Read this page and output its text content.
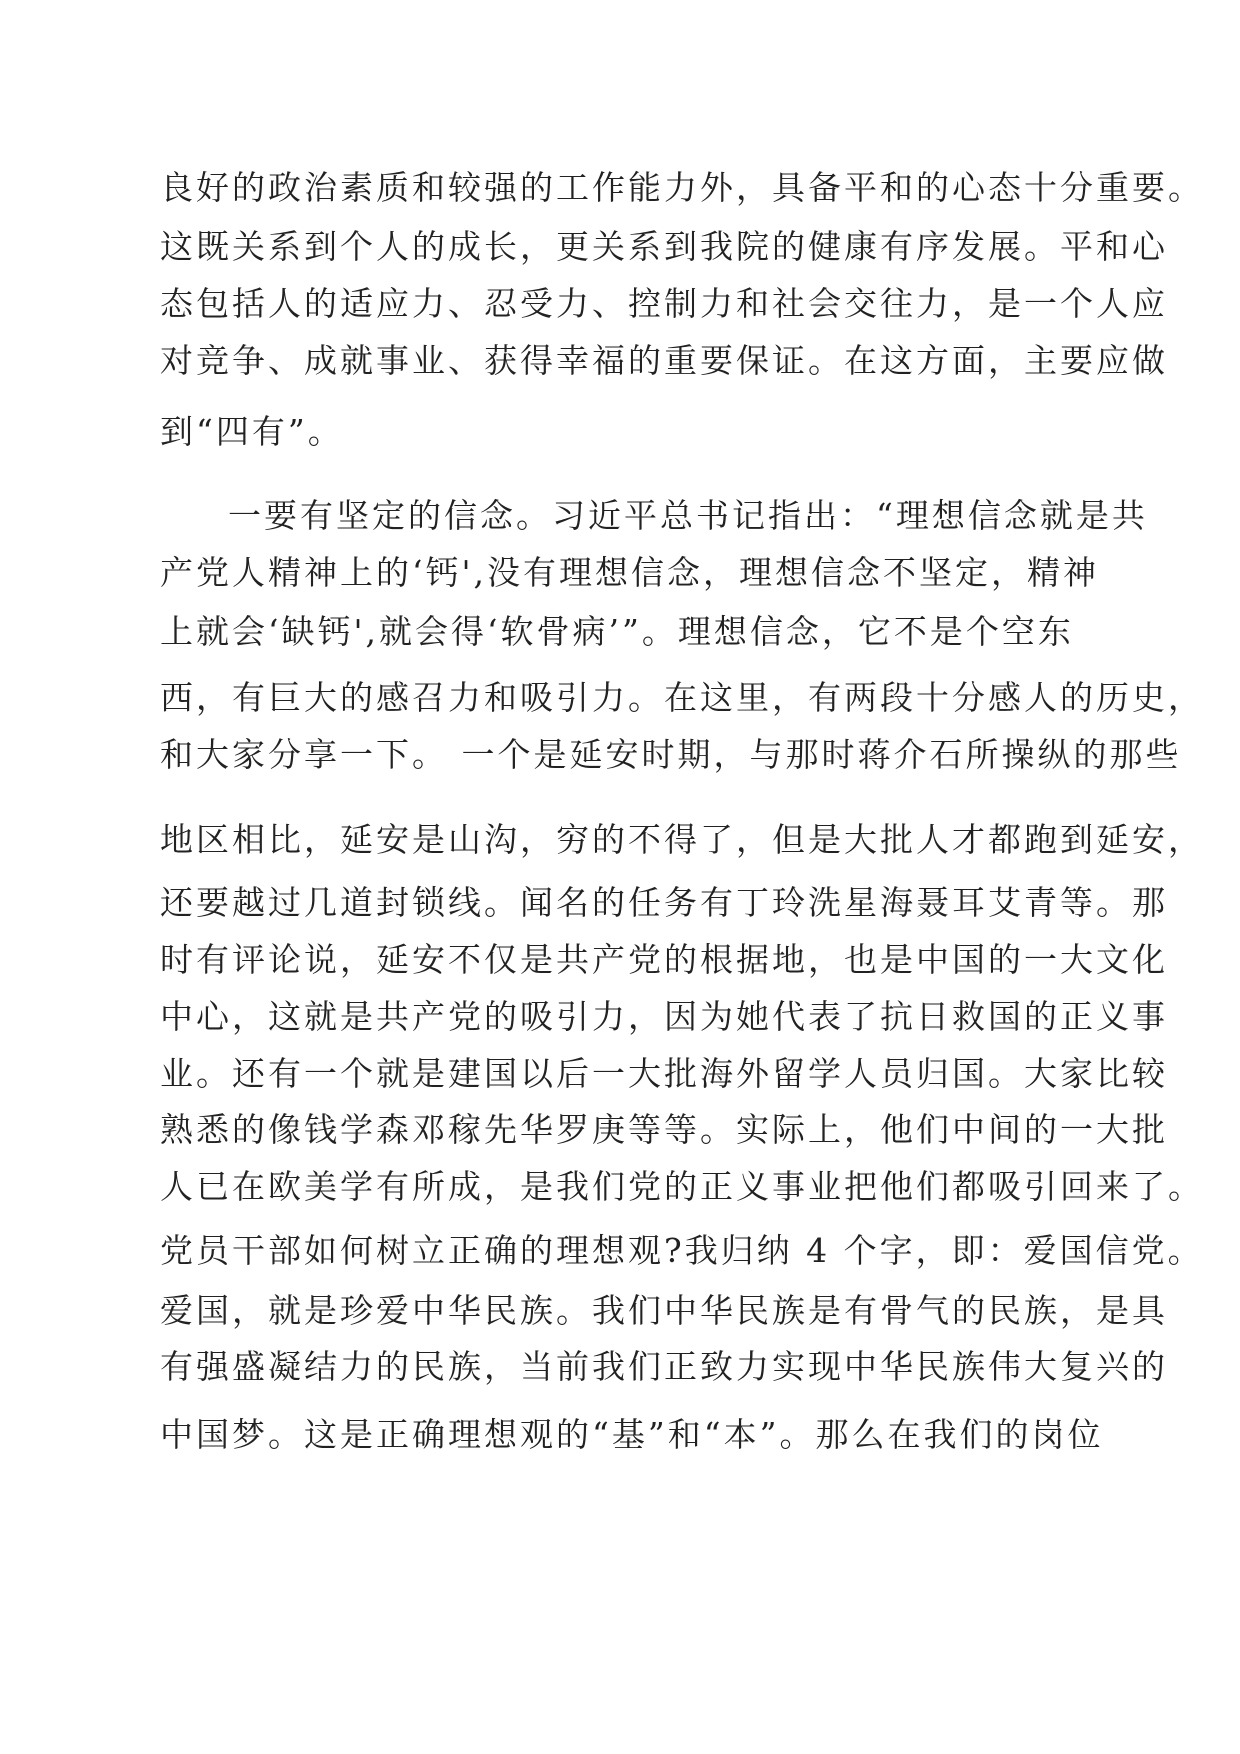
良好的政治素质和较强的工作能力外，具备平和的心态十分重要。
这既关系到个人的成长，更关系到我院的健康有序发展。平和心
态包括人的适应力、忍受力、控制力和社会交往力，是一个人应
对竞争、成就事业、获得幸福的重要保证。在这方面，主要应做
到“四有”。
一要有坚定的信念。习近平总书记指出：“理想信念就是共
产党人精神上的‘钙',没有理想信念，理想信念不坚定，精神
上就会‘缺钙',就会得‘软骨病’”。理想信念，它不是个空东
西，有巨大的感召力和吸引力。在这里，有两段十分感人的历史，
和大家分享一下。 一个是延安时期，与那时蒋介石所操纵的那些
地区相比，延安是山沟，穷的不得了，但是大批人才都跑到延安，
还要越过几道封锁线。闻名的任务有丁玲洗星海聂耳艾青等。那
时有评论说，延安不仅是共产党的根据地，也是中国的一大文化
中心，这就是共产党的吸引力，因为她代表了抗日救国的正义事
业。还有一个就是建国以后一大批海外留学人员归国。大家比较
熟悉的像钱学森邓稼先华罗庚等等。实际上，他们中间的一大批
人已在欧美学有所成，是我们党的正义事业把他们都吸引回来了。
党员干部如何树立正确的理想观?我归纳 4 个字，即：爱国信党。
爱国，就是珍爱中华民族。我们中华民族是有骨气的民族，是具
有强盛凝结力的民族，当前我们正致力实现中华民族伟大复兴的
中国梦。这是正确理想观的“基”和“本”。那么在我们的岗位
